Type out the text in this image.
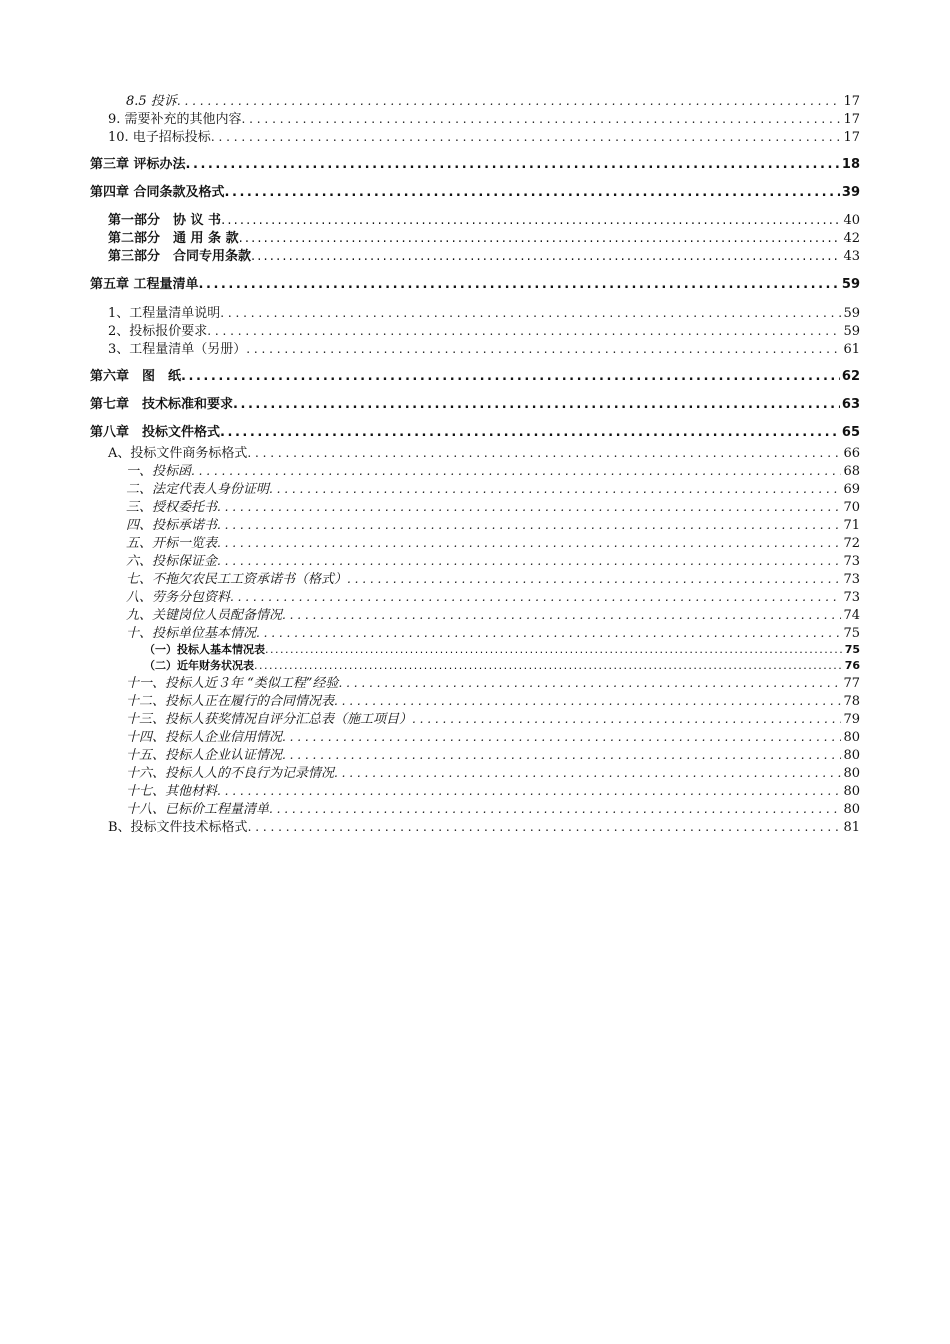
8.5 投诉 . . .	17
9. 需要补充的其他内容 . . .	17
10. 电子招标投标 . . .	17
第三章 评标办法 . . .	18
第四章 合同条款及格式 . . .	39
第一部分　协 议 书 . . .	40
第二部分　通 用 条 款 . . .	42
第三部分　合同专用条款 . . .	43
第五章 工程量清单 . . .	59
1、工程量清单说明 . . .	59
2、投标报价要求 . . .	59
3、工程量清单（另册） . . .	61
第六章　图　纸 . . .	62
第七章　技术标准和要求 . . .	63
第八章　投标文件格式 . . .	65
A、投标文件商务标格式 . . .	66
一、投标函 . . .	68
二、法定代表人身份证明 . . .	69
三、授权委托书 . . .	70
四、投标承诺书 . . .	71
五、开标一览表 . . .	72
六、投标保证金 . . .	73
七、不拖欠农民工工资承诺书（格式） . . .	73
八、劳务分包资料 . . .	73
九、关键岗位人员配备情况 . . .	74
十、投标单位基本情况 . . .	75
（一）投标人基本情况表 . . .	75
（二）近年财务状况表 . . .	76
十一、投标人近３年 “类似工程”经验 . . .	77
十二、投标人正在履行的合同情况表 . . .	78
十三、投标人获奖情况自评分汇总表（施工项目） . . .	79
十四、投标人企业信用情况 . . .	80
十五、投标人企业认证情况 . . .	80
十六、投标人人的不良行为记录情况 . . .	80
十七、其他材料 . . .	80
十八、已标价工程量清单 . . .	80
B、投标文件技术标格式 . . .	81
